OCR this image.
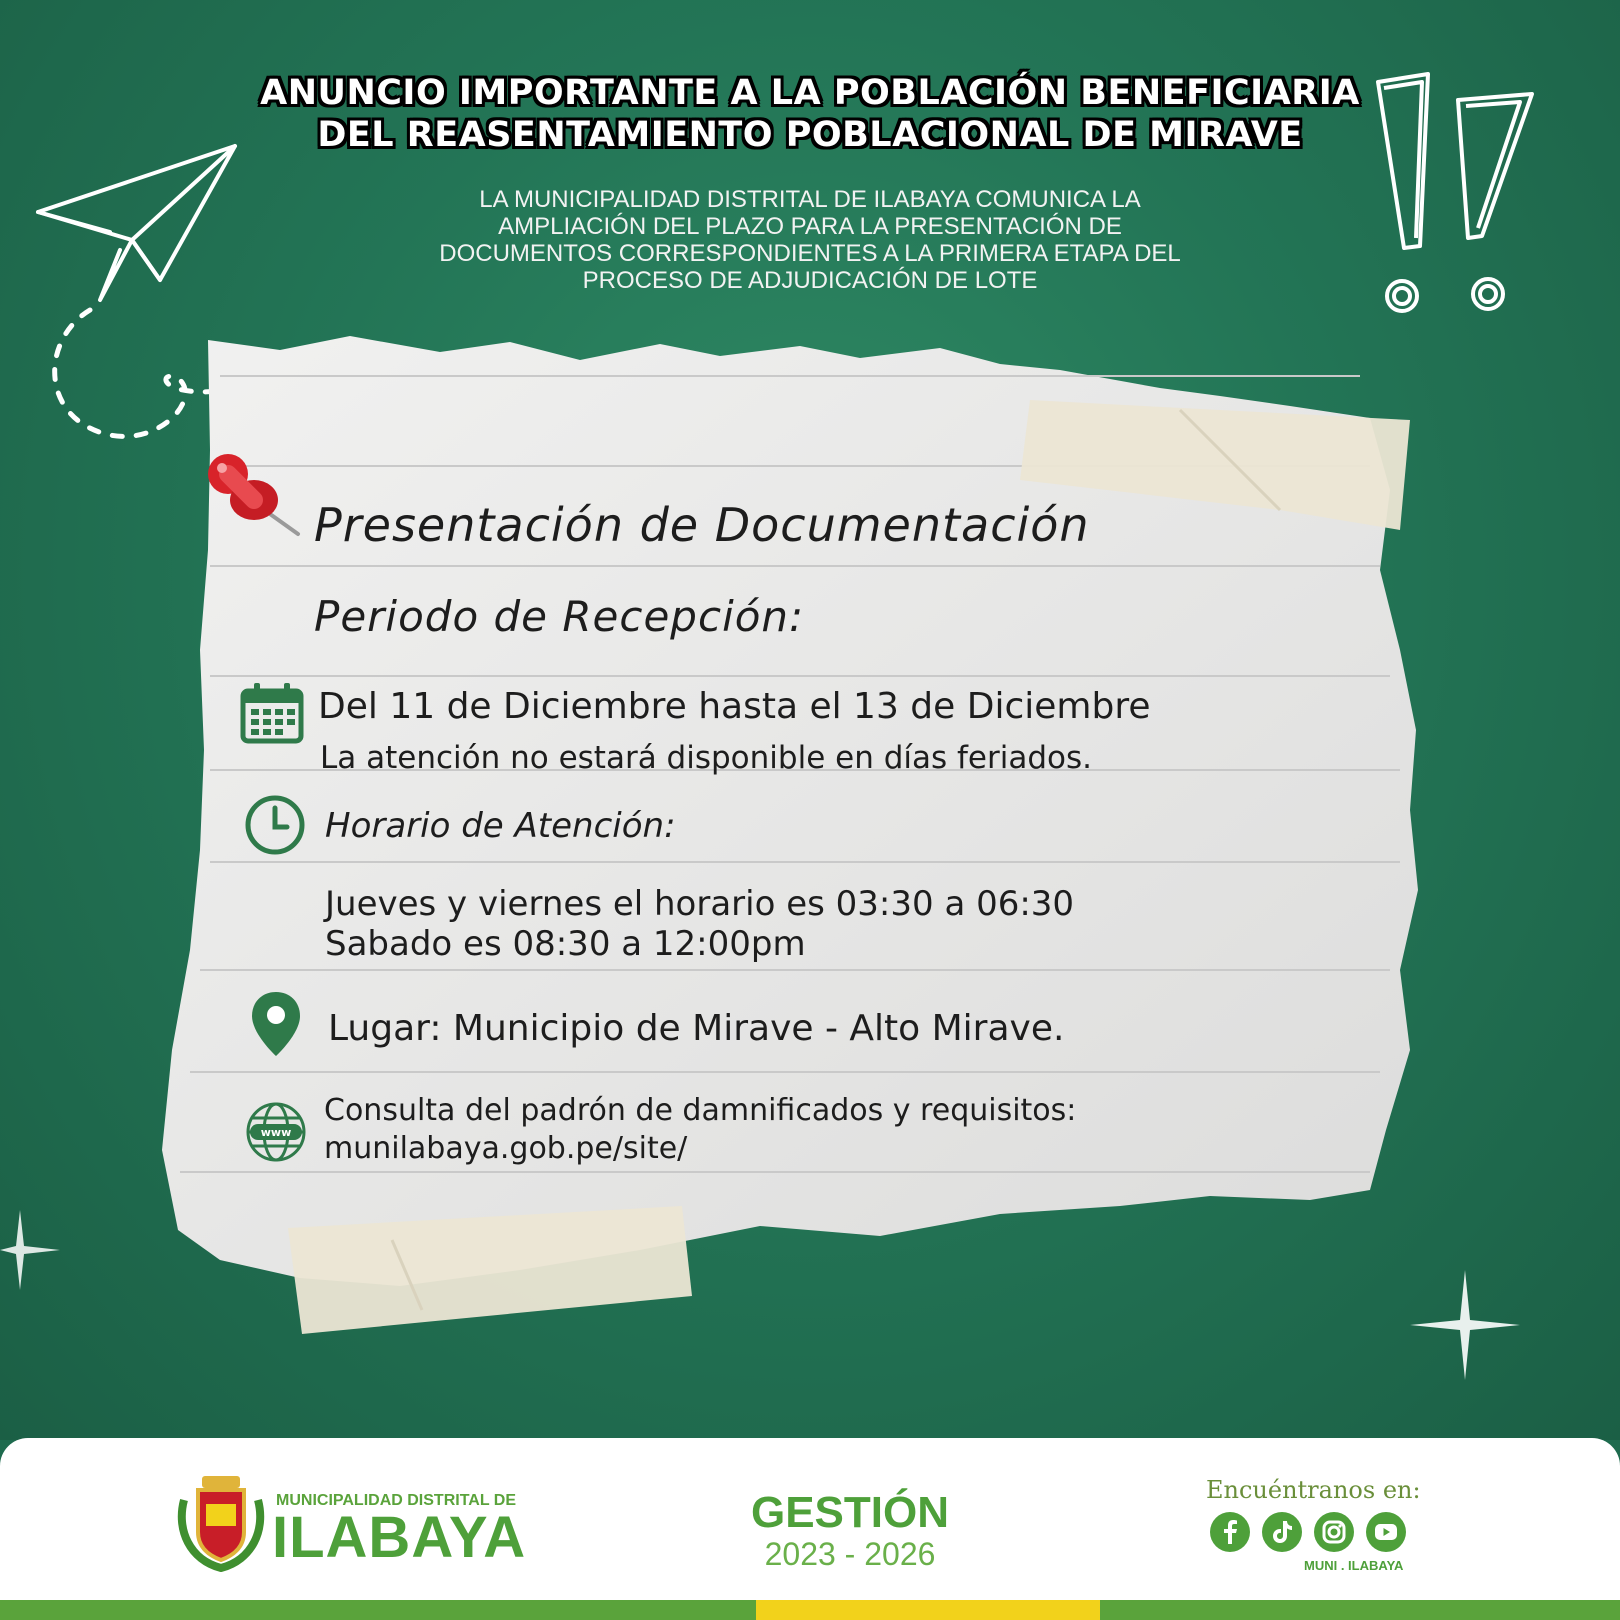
ANUNCIO IMPORTANTE A LA POBLACIÓN BENEFICIARIA
DEL REASENTAMIENTO POBLACIONAL DE MIRAVE
LA MUNICIPALIDAD DISTRITAL DE ILABAYA COMUNICA LA
AMPLIACIÓN DEL PLAZO PARA LA PRESENTACIÓN DE
DOCUMENTOS CORRESPONDIENTES A LA PRIMERA ETAPA DEL
PROCESO DE ADJUDICACIÓN DE LOTE
Presentación de Documentación
Periodo de Recepción:
Del 11 de Diciembre hasta el 13 de Diciembre
La atención no estará disponible en días feriados.
Horario de Atención:
Jueves y viernes el horario es 03:30 a 06:30
Sabado es 08:30 a 12:00pm
Lugar: Municipio de Mirave - Alto Mirave.
www
Consulta del padrón de damnificados y requisitos:
munilabaya.gob.pe/site/
MUNICIPALIDAD DISTRITAL DE
ILABAYA	GESTIÓN
2023 - 2026
Encuéntranos en:
MUNI . ILABAYA
